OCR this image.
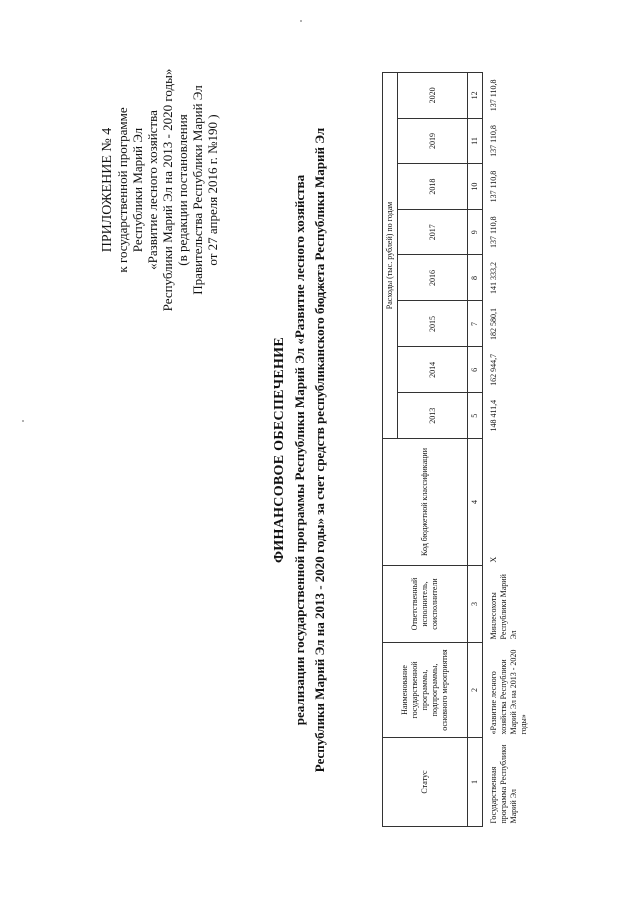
ПРИЛОЖЕНИЕ № 4 к государственной программе Республики Марий Эл «Развитие лесного хозяйства Республики Марий Эл на 2013 - 2020 годы» (в редакции постановления Правительства Республики Марий Эл от 27 апреля 2016 г. №190 )
ФИНАНСОВОЕ ОБЕСПЕЧЕНИЕ реализации государственной программы Республики Марий Эл «Развитие лесного хозяйства Республики Марий Эл на 2013 - 2020 годы» за счет средств республиканского бюджета Республики Марий Эл
Статус	Наименование государственной программы, подпрограммы, основного мероприятия	Ответственный исполнитель, соисполнители	Код бюджетной классификации	Расходы (тыс. рублей) по годам							
				2013	2014	2015	2016	2017	2018	2019	2020
1	2	3	4	5	6	7	8	9	10	11	12
Государственная программа Республики Марий Эл	«Развитие лесного хозяйства Республики Марий Эл на 2013 - 2020 годы»	Минлесохоты Республики Марий Эл	Х	148 411,4	162 944,7	182 580,1	141 333,2	137 110,8	137 110,8	137 110,8	137 110,8
